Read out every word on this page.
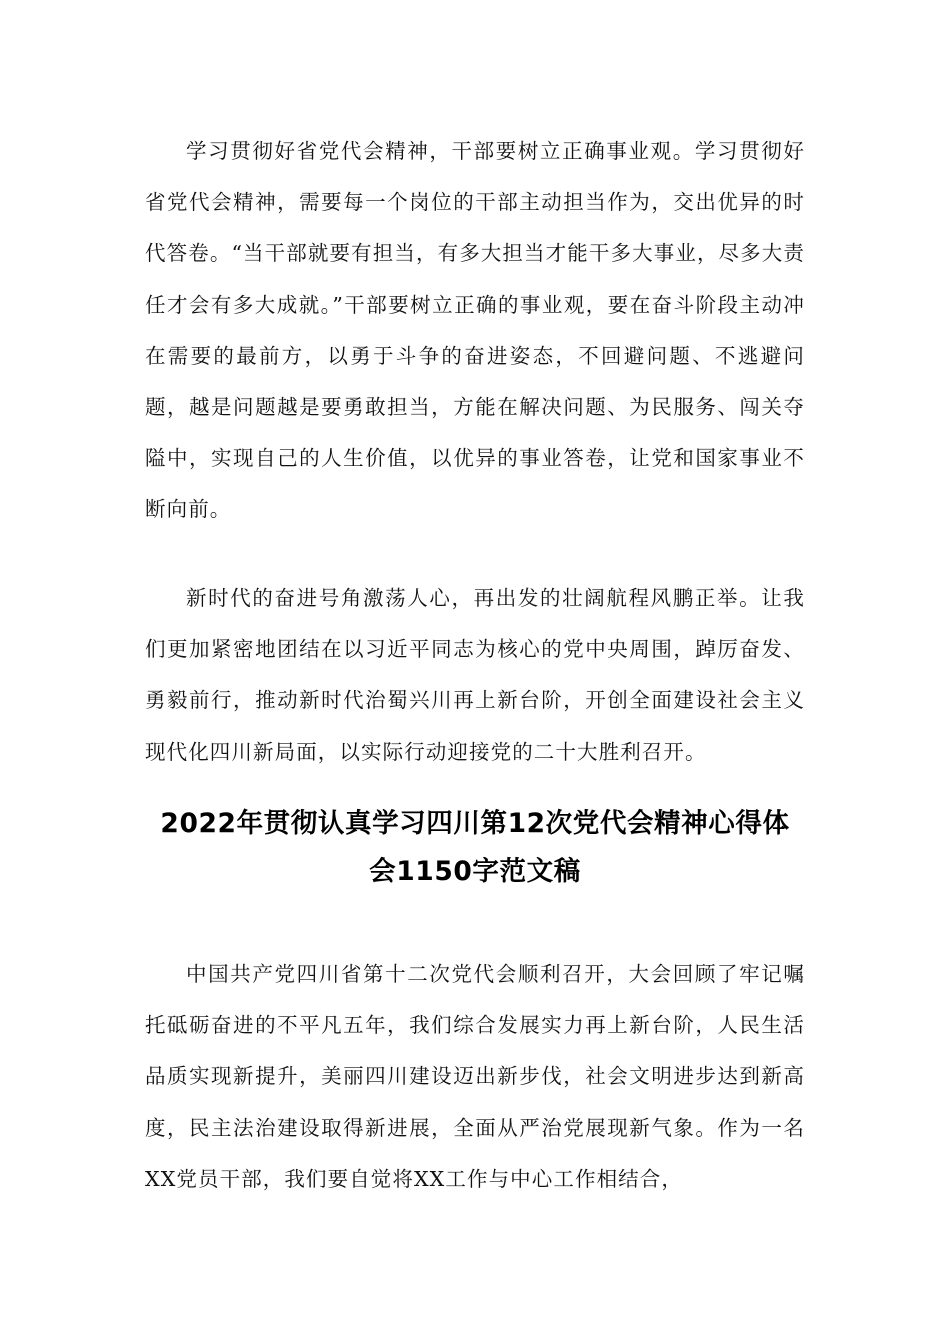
学习贯彻好省党代会精神，干部要树立正确事业观。学习贯彻好省党代会精神，需要每一个岗位的干部主动担当作为，交出优异的时代答卷。“当干部就要有担当，有多大担当才能干多大事业，尽多大责任才会有多大成就。”干部要树立正确的事业观，要在奋斗阶段主动冲在需要的最前方，以勇于斗争的奋进姿态，不回避问题、不逃避问题，越是问题越是要勇敢担当，方能在解决问题、为民服务、闯关夺隘中，实现自己的人生价值，以优异的事业答卷，让党和国家事业不断向前。

新时代的奋进号角激荡人心，再出发的壮阔航程风鹏正举。让我们更加紧密地团结在以习近平同志为核心的党中央周围，踔厉奋发、勇毅前行，推动新时代治蜀兴川再上新台阶，开创全面建设社会主义现代化四川新局面，以实际行动迎接党的二十大胜利召开。

2022年贯彻认真学习四川第12次党代会精神心得体
会1150字范文稿

中国共产党四川省第十二次党代会顺利召开，大会回顾了牢记嘱托砥砺奋进的不平凡五年，我们综合发展实力再上新台阶，人民生活品质实现新提升，美丽四川建设迈出新步伐，社会文明进步达到新高度，民主法治建设取得新进展，全面从严治党展现新气象。作为一名XX党员干部，我们要自觉将XX工作与中心工作相结合，
